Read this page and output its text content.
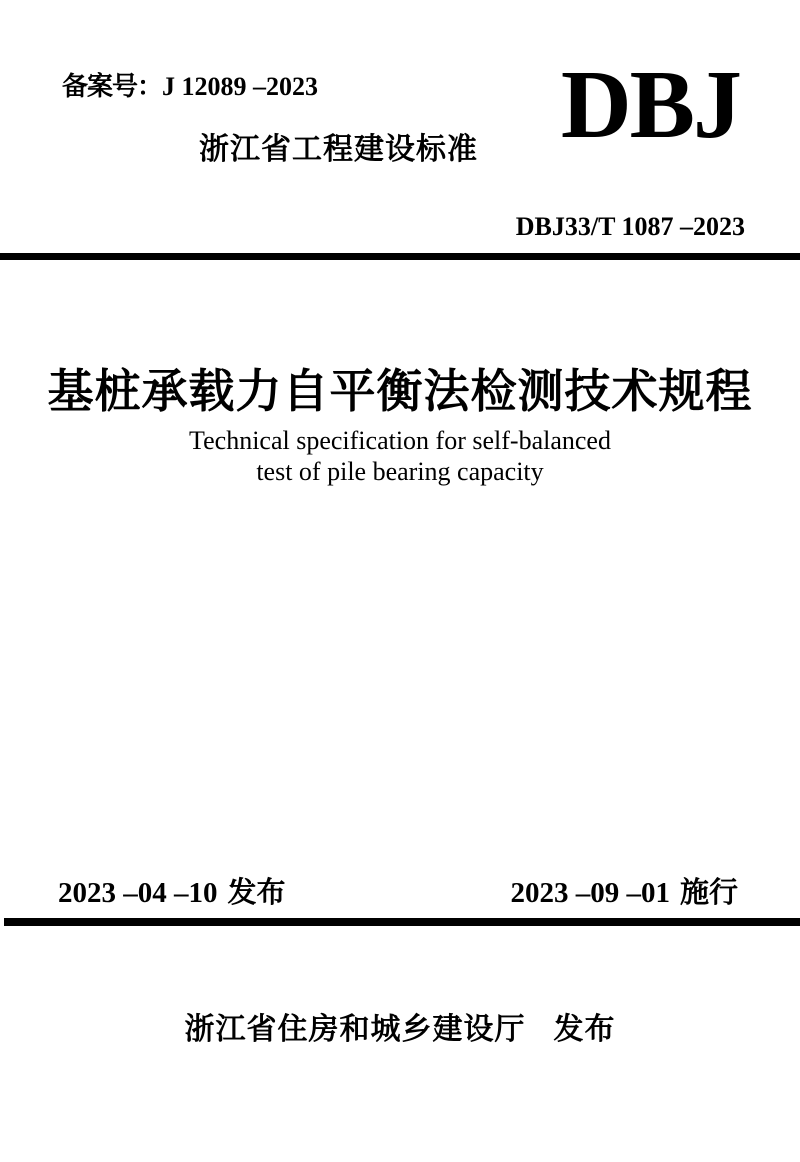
备案号：J 12089 –2023
浙江省工程建设标准 DBJ
DBJ33/T 1087 –2023
基桩承载力自平衡法检测技术规程
Technical specification for self-balanced
test of pile bearing capacity
2023 –04 –10 发布	2023 –09 –01 施行
浙江省住房和城乡建设厅 发布
